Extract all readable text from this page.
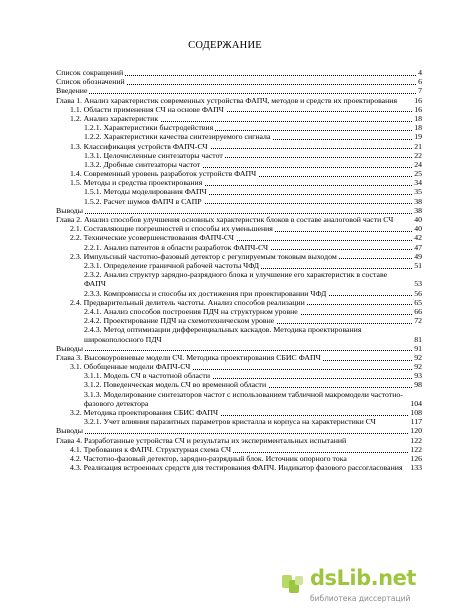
СОДЕРЖАНИЕ
Список сокращений	4
Список обозначений	6
Введение	7
Глава 1. Анализ характеристик современных устройства ФАПЧ, методов и средств их проектирования	16
1.1. Области применения СЧ на основе ФАПЧ	16
1.2. Анализ характеристик	18
1.2.1. Характеристики быстродействия	18
1.2.2. Характеристики качества синтезируемого сигнала	19
1.3. Классификация устройств ФАПЧ-СЧ	21
1.3.1. Целочисленные синтезаторы частот	22
1.3.2. Дробные синтезаторы частот	24
1.4. Современный уровень разработок устройств ФАПЧ	25
1.5. Методы и средства проектирования	34
1.5.1. Методы моделирования ФАПЧ	35
1.5.2. Расчет шумов ФАПЧ в САПР	38
Выводы	38
Глава 2. Анализ способов улучшения основных характеристик блоков в составе аналоговой части СЧ	40
2.1. Составляющие погрешностей и способы их уменьшения	40
2.2. Технические усовершенствования ФАПЧ-СЧ	42
2.2.1. Анализ патентов в области разработок ФАПЧ-СЧ	47
2.3. Импульсный частотно-фазовый детектор с регулируемым токовым выходом	49
2.3.1. Определение граничной рабочей частоты ЧФД	51
2.3.2. Анализ структур зарядно-разрядного блока и улучшение его характеристик в составе ФАПЧ	53
2.3.3. Компромиссы и способы их достижения при проектировании ЧФД	56
2.4. Предварительный делитель частоты. Анализ способов реализации	65
2.4.1. Анализ способов построения ПДЧ на структурном уровне	66
2.4.2. Проектирование ПДЧ на схемотехническом уровне	72
2.4.3. Метод оптимизации дифференциальных каскадов. Методика проектирования широкополосного ПДЧ	81
Выводы	91
Глава 3. Высокоуровневые модели СЧ. Методика проектирования СБИС ФАПЧ	92
3.1. Обобщенные модели ФАПЧ-СЧ	92
3.1.1. Модель СЧ в частотной области	93
3.1.2. Поведенческая модель СЧ во временной области	98
3.1.3. Моделирование синтезаторов частот с использованием табличной макромодели частотно-фазового детектора	104
3.2. Методика проектирования СБИС ФАПЧ	108
3.2.1. Учет влияния паразитных параметров кристалла и корпуса на характеристики СЧ	117
Выводы	120
Глава 4. Разработанные устройства СЧ и результаты их экспериментальных испытаний	122
4.1. Требования к ФАПЧ. Структурная схема СЧ	122
4.2. Частотно-фазовый детектор, зарядно-разрядный блок. Источник опорного тока	126
4.3. Реализация встроенных средств для тестирования ФАПЧ. Индикатор фазового рассогласования 133
dsLib.net
библиотека диссертаций
